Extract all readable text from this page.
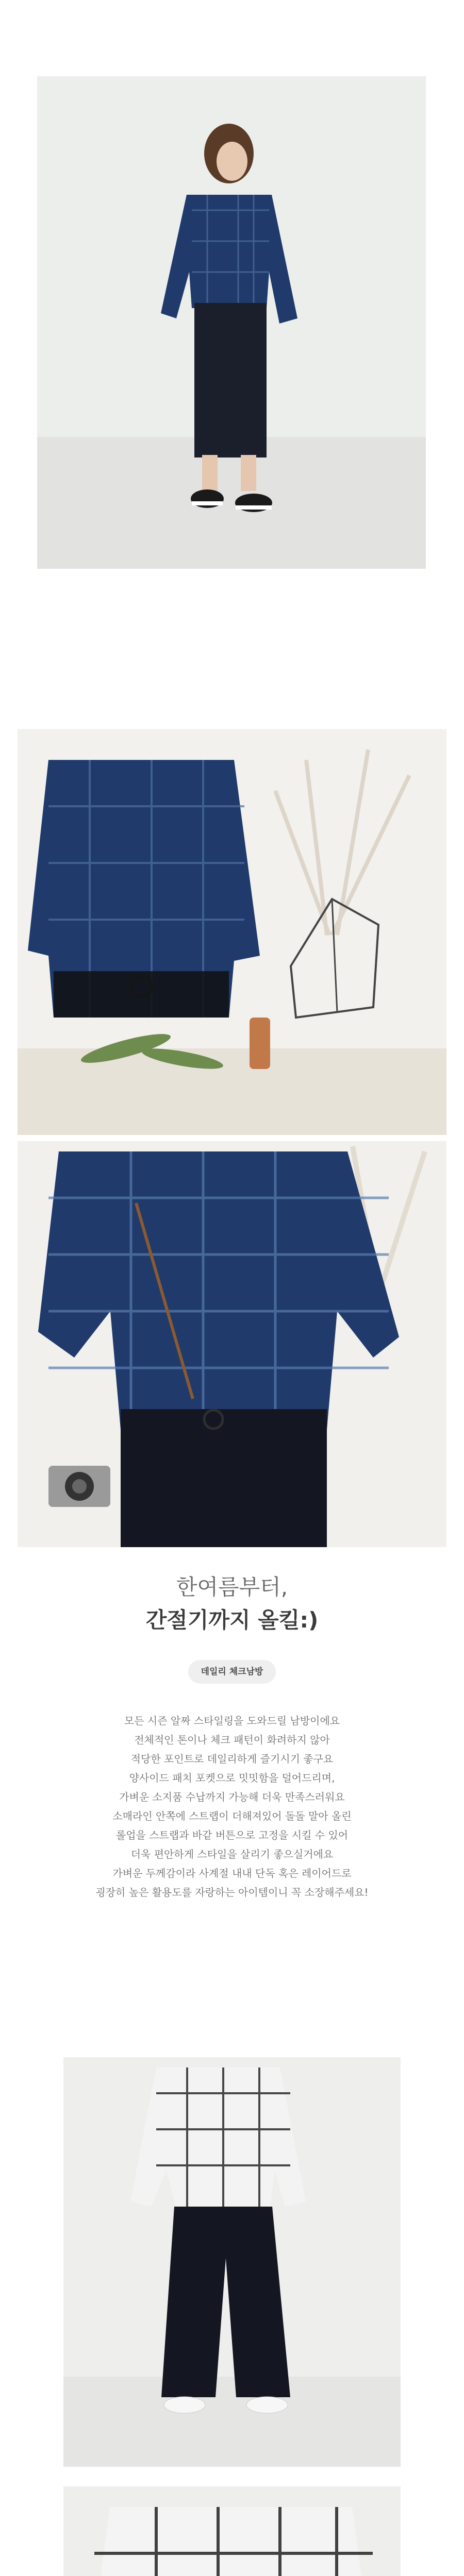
한여름부터,
간절기까지 올킬:)
데일리 체크남방
모든 시즌 알짜 스타일링을 도와드릴 남방이에요
전체적인 톤이나 체크 패턴이 화려하지 않아
적당한 포인트로 데일리하게 즐기시기 좋구요
양사이드 패치 포켓으로 밋밋함을 덜어드리며,
가벼운 소지품 수납까지 가능해 더욱 만족스러워요
소매라인 안쪽에 스트랩이 더해져있어 돌돌 말아 올린
롤업을 스트랩과 바같 버튼으로 고정을 시킬 수 있어
더욱 편안하게 스타일을 살리기 좋으실거에요
가벼운 두께감이라 사계절 내내 단독 혹은 레이어드로
굉장히 높은 활용도를 자랑하는 아이템이니 꼭 소장해주세요!
